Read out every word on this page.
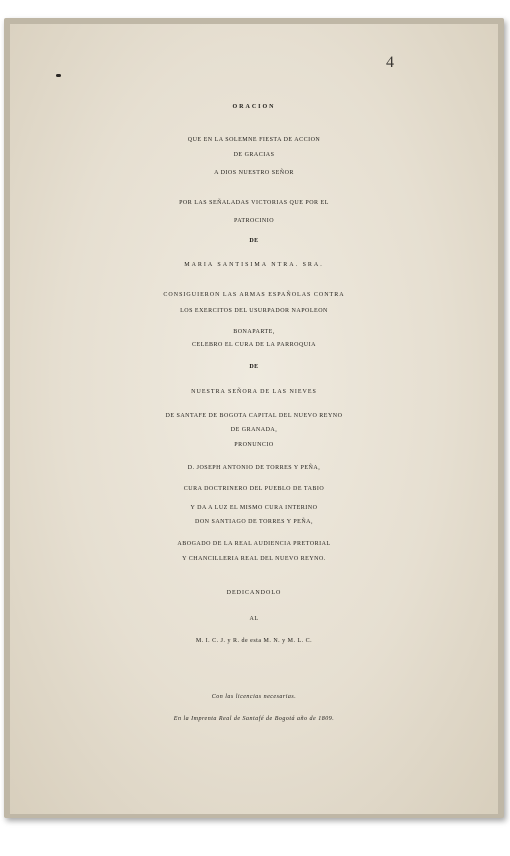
4
ORACION
QUE EN LA SOLEMNE FIESTA DE ACCION
DE GRACIAS
A DIOS NUESTRO SEÑOR
POR LAS SEÑALADAS VICTORIAS QUE POR EL
PATROCINIO
DE
MARIA SANTISIMA NTRA. SRA.
CONSIGUIERON LAS ARMAS ESPAÑOLAS CONTRA
LOS EXERCITOS DEL USURPADOR NAPOLEON
BONAPARTE,
CELEBRO EL CURA DE LA PARROQUIA
DE
NUESTRA SEÑORA DE LAS NIEVES
DE SANTAFE DE BOGOTA CAPITAL DEL NUEVO REYNO
DE GRANADA,
PRONUNCIO
D. JOSEPH ANTONIO DE TORRES Y PEÑA,
CURA DOCTRINERO DEL PUEBLO DE TABIO
Y DA A LUZ EL MISMO CURA INTERINO
DON SANTIAGO DE TORRES Y PEÑA,
ABOGADO DE LA REAL AUDIENCIA PRETORIAL
Y CHANCILLERIA REAL DEL NUEVO REYNO.
DEDICANDOLO
AL
M. I. C. J. y R. de esta M. N. y M. L. C.
Con las licencias necesarias.
En la Imprenta Real de Santafé de Bogotá año de 1809.
